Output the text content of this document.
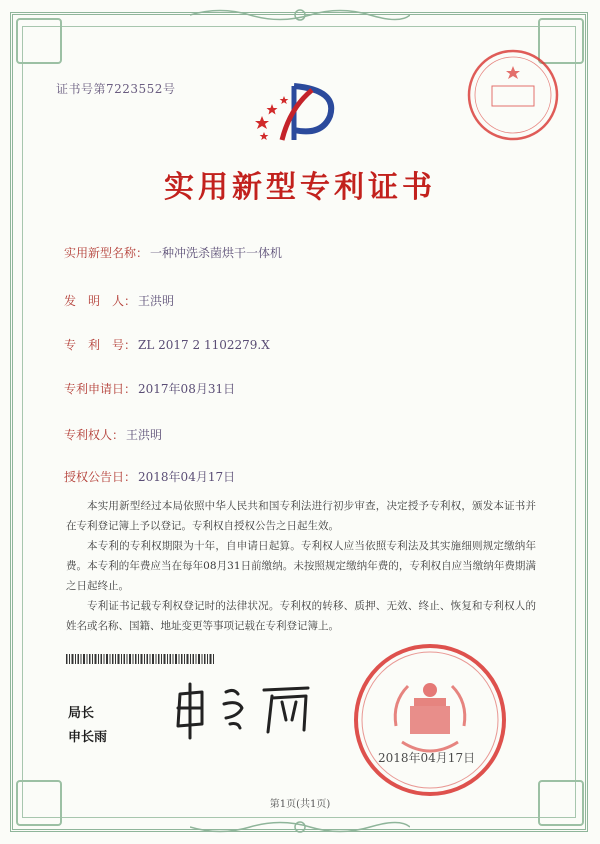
证书号第7223552号
实用新型专利证书
实用新型名称： 一种冲洗杀菌烘干一体机
发　明　人： 王洪明
专　利　号： ZL 2017 2 1102279.X
专利申请日： 2017年08月31日
专利权人： 王洪明
授权公告日： 2018年04月17日

本实用新型经过本局依照中华人民共和国专利法进行初步审查，决定授予专利权，颁发本证书并在专利登记簿上予以登记。专利权自授权公告之日起生效。

本专利的专利权期限为十年，自申请日起算。专利权人应当依照专利法及其实施细则规定缴纳年费。本专利的年费应当在每年08月31日前缴纳。未按照规定缴纳年费的，专利权自应当缴纳年费期满之日起终止。

专利证书记载专利权登记时的法律状况。专利权的转移、质押、无效、终止、恢复和专利权人的姓名或名称、国籍、地址变更等事项记载在专利登记簿上。

局长
申长雨
2018年04月17日
第1页(共1页)
